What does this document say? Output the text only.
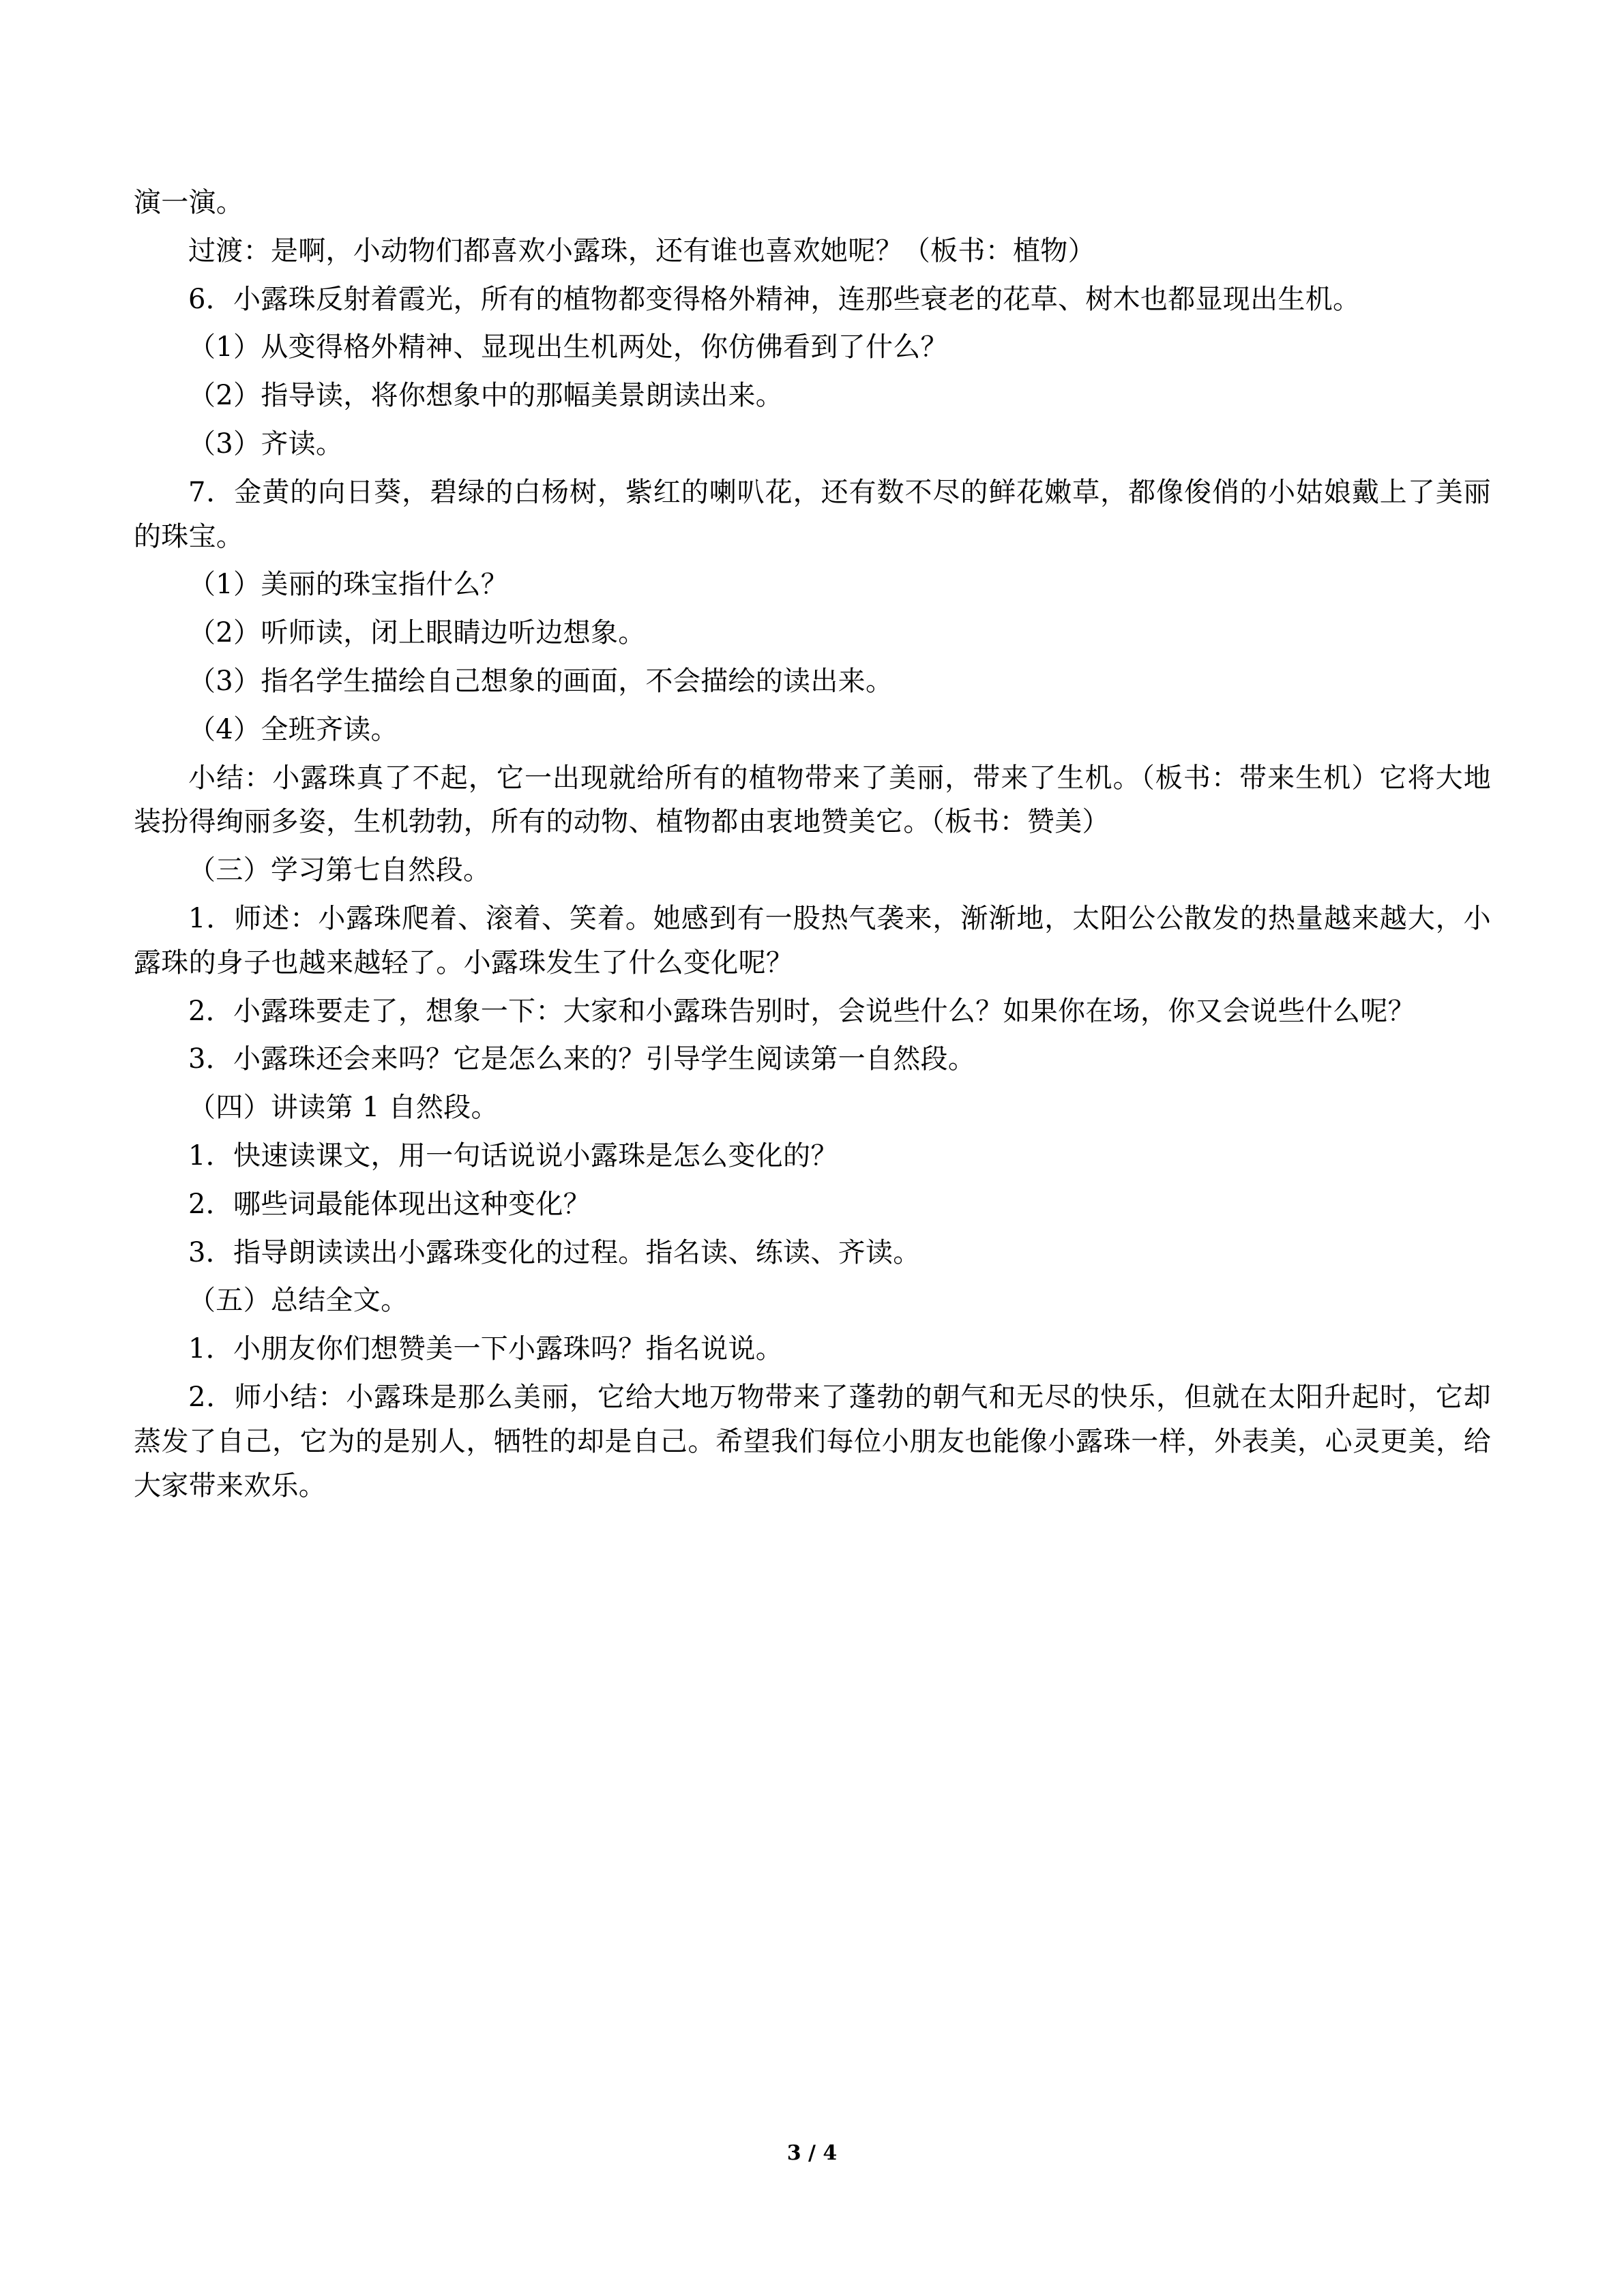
演一演。

过渡：是啊，小动物们都喜欢小露珠，还有谁也喜欢她呢？（板书：植物）

6．小露珠反射着霞光，所有的植物都变得格外精神，连那些衰老的花草、树木也都显现出生机。

（1）从变得格外精神、显现出生机两处，你仿佛看到了什么？

（2）指导读，将你想象中的那幅美景朗读出来。

（3）齐读。

7．金黄的向日葵，碧绿的白杨树，紫红的喇叭花，还有数不尽的鲜花嫩草，都像俊俏的小姑娘戴上了美丽的珠宝。

（1）美丽的珠宝指什么？

（2）听师读，闭上眼睛边听边想象。

（3）指名学生描绘自己想象的画面，不会描绘的读出来。

（4）全班齐读。

小结：小露珠真了不起，它一出现就给所有的植物带来了美丽，带来了生机。（板书：带来生机）它将大地装扮得绚丽多姿，生机勃勃，所有的动物、植物都由衷地赞美它。（板书：赞美）

（三）学习第七自然段。

1．师述：小露珠爬着、滚着、笑着。她感到有一股热气袭来，渐渐地，太阳公公散发的热量越来越大，小露珠的身子也越来越轻了。小露珠发生了什么变化呢？

2．小露珠要走了，想象一下：大家和小露珠告别时，会说些什么？如果你在场，你又会说些什么呢？

3．小露珠还会来吗？它是怎么来的？引导学生阅读第一自然段。

（四）讲读第 1 自然段。

1．快速读课文，用一句话说说小露珠是怎么变化的？

2．哪些词最能体现出这种变化？

3．指导朗读读出小露珠变化的过程。指名读、练读、齐读。

（五）总结全文。

1．小朋友你们想赞美一下小露珠吗？指名说说。

2．师小结：小露珠是那么美丽，它给大地万物带来了蓬勃的朝气和无尽的快乐，但就在太阳升起时，它却蒸发了自己，它为的是别人，牺牲的却是自己。希望我们每位小朋友也能像小露珠一样，外表美，心灵更美，给大家带来欢乐。

3 / 4
